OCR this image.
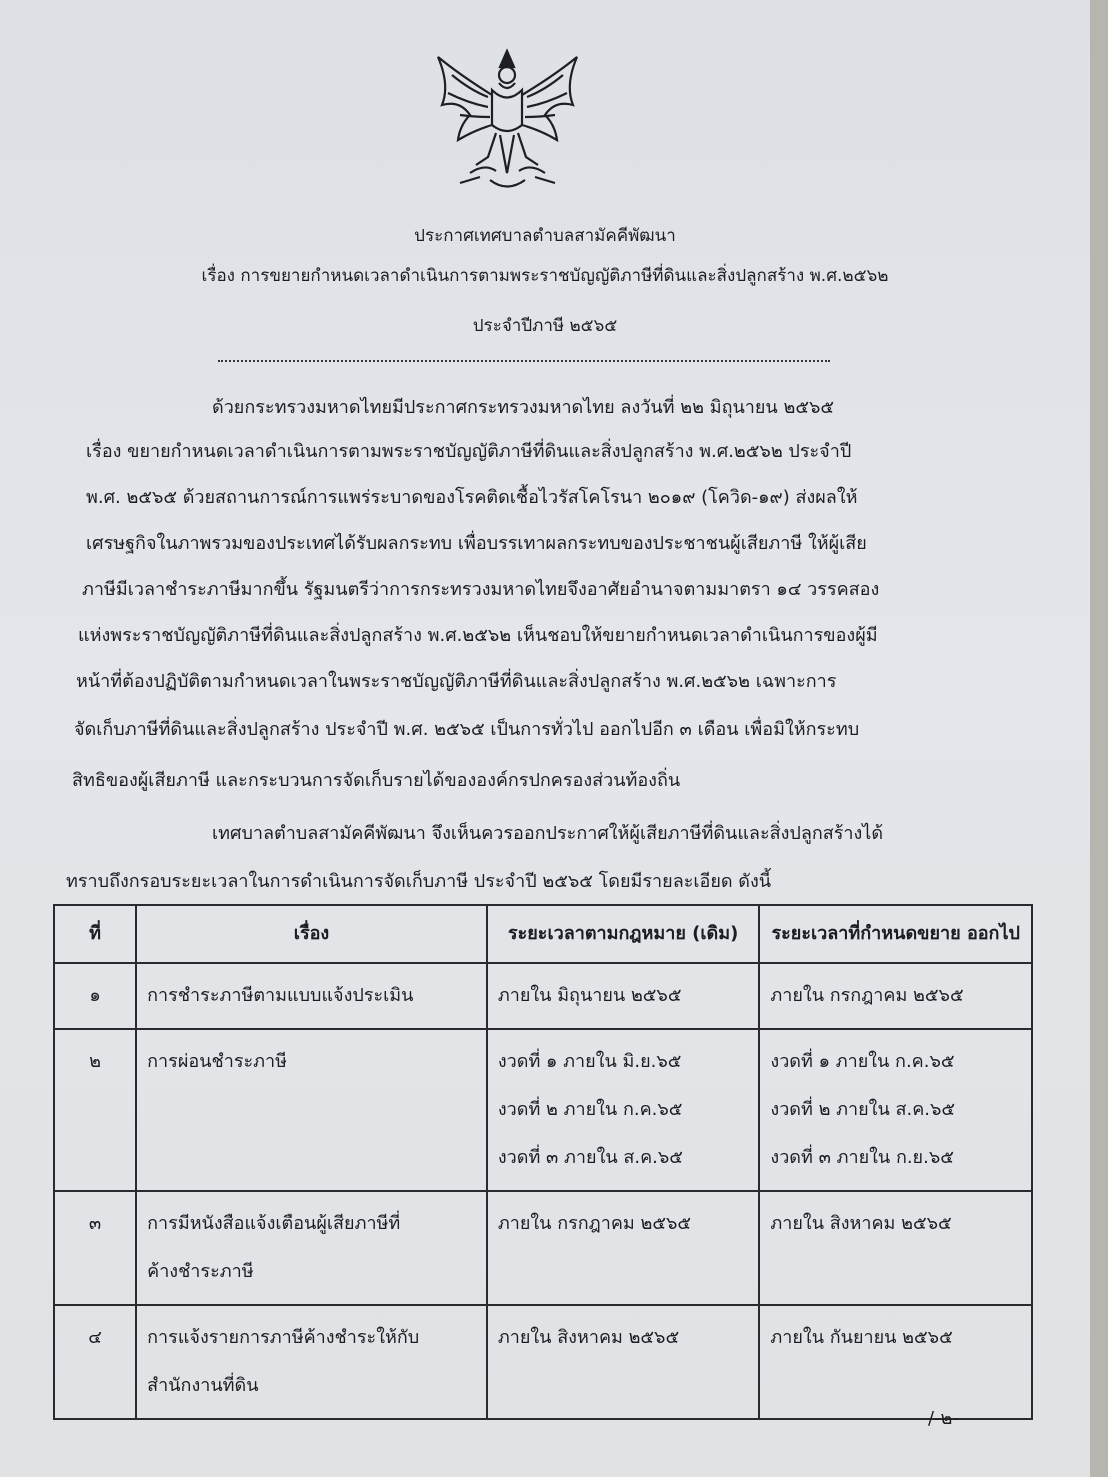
ประกาศเทศบาลตำบลสามัคคีพัฒนา
เรื่อง การขยายกำหนดเวลาดำเนินการตามพระราชบัญญัติภาษีที่ดินและสิ่งปลูกสร้าง พ.ศ.๒๕๖๒
ประจำปีภาษี ๒๕๖๕
ด้วยกระทรวงมหาดไทยมีประกาศกระทรวงมหาดไทย ลงวันที่ ๒๒ มิถุนายน ๒๕๖๕
เรื่อง ขยายกำหนดเวลาดำเนินการตามพระราชบัญญัติภาษีที่ดินและสิ่งปลูกสร้าง พ.ศ.๒๕๖๒ ประจำปี
พ.ศ. ๒๕๖๕ ด้วยสถานการณ์การแพร่ระบาดของโรคติดเชื้อไวรัสโคโรนา ๒๐๑๙ (โควิด-๑๙) ส่งผลให้
เศรษฐกิจในภาพรวมของประเทศได้รับผลกระทบ เพื่อบรรเทาผลกระทบของประชาชนผู้เสียภาษี ให้ผู้เสีย
ภาษีมีเวลาชำระภาษีมากขึ้น รัฐมนตรีว่าการกระทรวงมหาดไทยจึงอาศัยอำนาจตามมาตรา ๑๔ วรรคสอง
แห่งพระราชบัญญัติภาษีที่ดินและสิ่งปลูกสร้าง พ.ศ.๒๕๖๒ เห็นชอบให้ขยายกำหนดเวลาดำเนินการของผู้มี
หน้าที่ต้องปฏิบัติตามกำหนดเวลาในพระราชบัญญัติภาษีที่ดินและสิ่งปลูกสร้าง พ.ศ.๒๕๖๒ เฉพาะการ
จัดเก็บภาษีที่ดินและสิ่งปลูกสร้าง ประจำปี พ.ศ. ๒๕๖๕ เป็นการทั่วไป ออกไปอีก ๓ เดือน เพื่อมิให้กระทบ
สิทธิของผู้เสียภาษี และกระบวนการจัดเก็บรายได้ขององค์กรปกครองส่วนท้องถิ่น
เทศบาลตำบลสามัคคีพัฒนา จึงเห็นควรออกประกาศให้ผู้เสียภาษีที่ดินและสิ่งปลูกสร้างได้
ทราบถึงกรอบระยะเวลาในการดำเนินการจัดเก็บภาษี ประจำปี ๒๕๖๕ โดยมีรายละเอียด ดังนี้
ที่	เรื่อง	ระยะเวลาตามกฎหมาย (เดิม)	ระยะเวลาที่กำหนดขยาย ออกไป

๑	การชำระภาษีตามแบบแจ้งประเมิน	ภายใน มิถุนายน ๒๕๖๕	ภายใน กรกฎาคม ๒๕๖๕

๒	การผ่อนชำระภาษี	งวดที่ ๑ ภายใน มิ.ย.๖๕
งวดที่ ๒ ภายใน ก.ค.๖๕
งวดที่ ๓ ภายใน ส.ค.๖๕	งวดที่ ๑ ภายใน ก.ค.๖๕
งวดที่ ๒ ภายใน ส.ค.๖๕
งวดที่ ๓ ภายใน ก.ย.๖๕

๓	การมีหนังสือแจ้งเตือนผู้เสียภาษีที่
ค้างชำระภาษี	ภายใน กรกฎาคม ๒๕๖๕	ภายใน สิงหาคม ๒๕๖๕

๔	การแจ้งรายการภาษีค้างชำระให้กับ
สำนักงานที่ดิน	ภายใน สิงหาคม ๒๕๖๕	ภายใน กันยายน ๒๕๖๕
/-๒-
